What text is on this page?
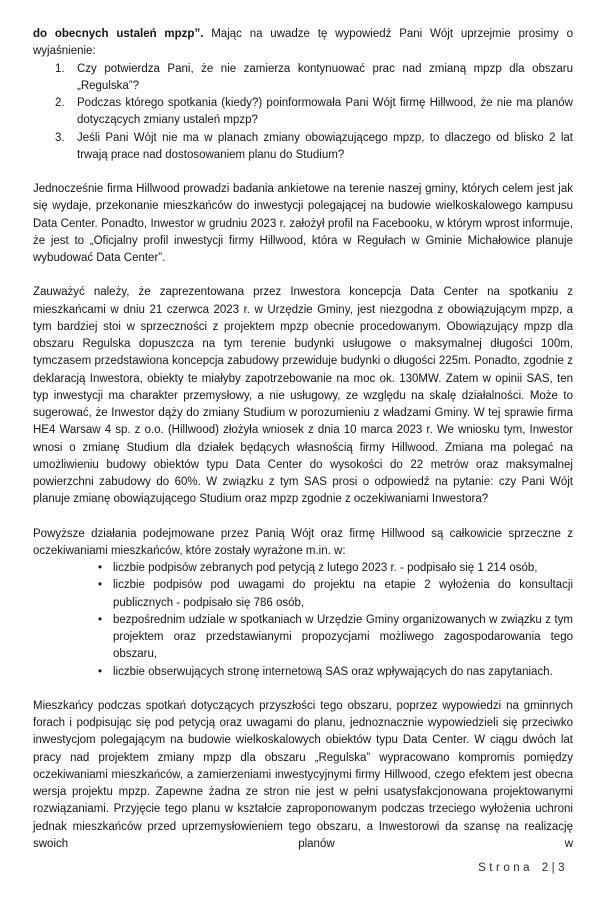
do obecnych ustaleń mpzp”. Mając na uwadze tę wypowiedź Pani Wójt uprzejmie prosimy o wyjaśnienie:

1.	Czy potwierdza Pani, że nie zamierza kontynuować prac nad zmianą mpzp dla obszaru „Regulska”?
2.	Podczas którego spotkania (kiedy?) poinformowała Pani Wójt firmę Hillwood, że nie ma planów dotyczących zmiany ustaleń mpzp?
3.	Jeśli Pani Wójt nie ma w planach zmiany obowiązującego mpzp, to dlaczego od blisko 2 lat trwają prace nad dostosowaniem planu do Studium?

Jednocześnie firma Hillwood prowadzi badania ankietowe na terenie naszej gminy, których celem jest jak się wydaje, przekonanie mieszkańców do inwestycji polegającej na budowie wielkoskalowego kampusu Data Center. Ponadto, Inwestor w grudniu 2023 r. założył profil na Facebooku, w którym wprost informuje, że jest to „Oficjalny profil inwestycji firmy Hillwood, która w Regułach w Gminie Michałowice planuje wybudować Data Center”.

Zauważyć należy, że zaprezentowana przez Inwestora koncepcja Data Center na spotkaniu z mieszkańcami w dniu 21 czerwca 2023 r. w Urzędzie Gminy, jest niezgodna z obowiązującym mpzp, a tym bardziej stoi w sprzeczności z projektem mpzp obecnie procedowanym. Obowiązujący mpzp dla obszaru Regulska dopuszcza na tym terenie budynki usługowe o maksymalnej długości 100m, tymczasem przedstawiona koncepcja zabudowy przewiduje budynki o długości 225m. Ponadto, zgodnie z deklaracją Inwestora, obiekty te miałyby zapotrzebowanie na moc ok. 130MW. Zatem w opinii SAS, ten typ inwestycji ma charakter przemysłowy, a nie usługowy, ze względu na skalę działalności. Może to sugerować, że Inwestor dąży do zmiany Studium w porozumieniu z władzami Gminy. W tej sprawie firma HE4 Warsaw 4 sp. z o.o. (Hillwood) złożyła wniosek z dnia 10 marca 2023 r. We wniosku tym, Inwestor wnosi o zmianę Studium dla działek będących własnością firmy Hillwood. Zmiana ma polegać na umożliwieniu budowy obiektów typu Data Center do wysokości do 22 metrów oraz maksymalnej powierzchni zabudowy do 60%. W związku z tym SAS prosi o odpowiedź na pytanie: czy Pani Wójt planuje zmianę obowiązującego Studium oraz mpzp zgodnie z oczekiwaniami Inwestora?

Powyższe działania podejmowane przez Panią Wójt oraz firmę Hillwood są całkowicie sprzeczne z oczekiwaniami mieszkańców, które zostały wyrażone m.in. w:

• liczbie podpisów zebranych pod petycją z lutego 2023 r. - podpisało się 1 214 osób,
• liczbie podpisów pod uwagami do projektu na etapie 2 wyłożenia do konsultacji publicznych - podpisało się 786 osób,
• bezpośrednim udziale w spotkaniach w Urzędzie Gminy organizowanych w związku z tym projektem oraz przedstawianymi propozycjami możliwego zagospodarowania tego obszaru,
• liczbie obserwujących stronę internetową SAS oraz wpływających do nas zapytaniach.

Mieszkańcy podczas spotkań dotyczących przyszłości tego obszaru, poprzez wypowiedzi na gminnych forach i podpisując się pod petycją oraz uwagami do planu, jednoznacznie wypowiedzieli się przeciwko inwestycjom polegającym na budowie wielkoskalowych obiektów typu Data Center. W ciągu dwóch lat pracy nad projektem zmiany mpzp dla obszaru „Regulska” wypracowano kompromis pomiędzy oczekiwaniami mieszkańców, a zamierzeniami inwestycyjnymi firmy Hillwood, czego efektem jest obecna wersja projektu mpzp. Zapewne żadna ze stron nie jest w pełni usatysfakcjonowana projektowanymi rozwiązaniami. Przyjęcie tego planu w kształcie zaproponowanym podczas trzeciego wyłożenia uchroni jednak mieszkańców przed uprzemysłowieniem tego obszaru, a Inwestorowi da szansę na realizację swoich planów w

Strona 2|3
